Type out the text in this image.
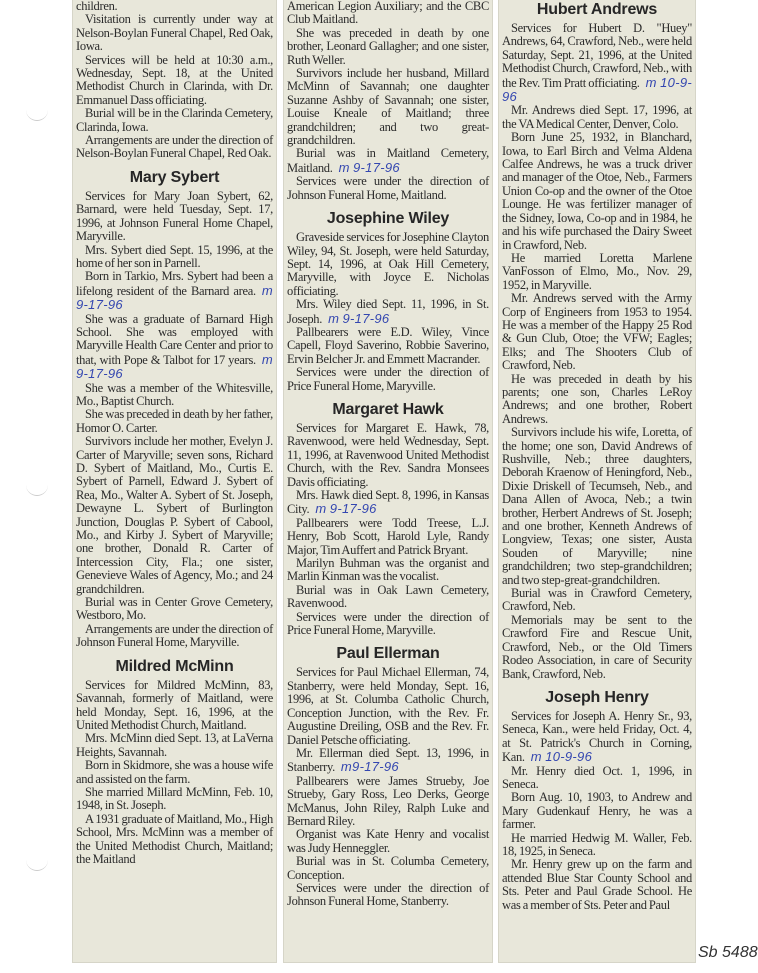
children.

Visitation is currently under way at Nelson-Boylan Funeral Chapel, Red Oak, Iowa.

Services will be held at 10:30 a.m., Wednesday, Sept. 18, at the United Methodist Church in Clarinda, with Dr. Emmanuel Dass officiating.

Burial will be in the Clarinda Cemetery, Clarinda, Iowa.

Arrangements are under the direction of Nelson-Boylan Funeral Chapel, Red Oak.

Mary Sybert

Services for Mary Joan Sybert, 62, Barnard, were held Tuesday, Sept. 17, 1996, at Johnson Funeral Home Chapel, Maryville.

Mrs. Sybert died Sept. 15, 1996, at the home of her son in Parnell.

Born in Tarkio, Mrs. Sybert had been a lifelong resident of the Barnard area. m 9-17-96

She was a graduate of Barnard High School. She was employed with Maryville Health Care Center and prior to that, with Pope & Talbot for 17 years. m 9-17-96

She was a member of the Whitesville, Mo., Baptist Church.

She was preceded in death by her father, Homor O. Carter.

Survivors include her mother, Evelyn J. Carter of Maryville; seven sons, Richard D. Sybert of Maitland, Mo., Curtis E. Sybert of Parnell, Edward J. Sybert of Rea, Mo., Walter A. Sybert of St. Joseph, Dewayne L. Sybert of Burlington Junction, Douglas P. Sybert of Cabool, Mo., and Kirby J. Sybert of Maryville; one brother, Donald R. Carter of Intercession City, Fla.; one sister, Genevieve Wales of Agency, Mo.; and 24 grandchildren.

Burial was in Center Grove Cemetery, Westboro, Mo.

Arrangements are under the direction of Johnson Funeral Home, Maryville.

Mildred McMinn

Services for Mildred McMinn, 83, Savannah, formerly of Maitland, were held Monday, Sept. 16, 1996, at the United Methodist Church, Maitland.

Mrs. McMinn died Sept. 13, at LaVerna Heights, Savannah.

Born in Skidmore, she was a house wife and assisted on the farm.

She married Millard McMinn, Feb. 10, 1948, in St. Joseph.

A 1931 graduate of Maitland, Mo., High School, Mrs. McMinn was a member of the United Methodist Church, Maitland; the Maitland

American Legion Auxiliary; and the CBC Club Maitland.

She was preceded in death by one brother, Leonard Gallagher; and one sister, Ruth Weller.

Survivors include her husband, Millard McMinn of Savannah; one daughter Suzanne Ashby of Savannah; one sister, Louise Kneale of Maitland; three grandchildren; and two great-grandchildren.

Burial was in Maitland Cemetery, Maitland. m 9-17-96

Services were under the direction of Johnson Funeral Home, Maitland.

Josephine Wiley

Graveside services for Josephine Clayton Wiley, 94, St. Joseph, were held Saturday, Sept. 14, 1996, at Oak Hill Cemetery, Maryville, with Joyce E. Nicholas officiating.

Mrs. Wiley died Sept. 11, 1996, in St. Joseph. m 9-17-96

Pallbearers were E.D. Wiley, Vince Capell, Floyd Saverino, Robbie Saverino, Ervin Belcher Jr. and Emmett Macrander.

Services were under the direction of Price Funeral Home, Maryville.

Margaret Hawk

Services for Margaret E. Hawk, 78, Ravenwood, were held Wednesday, Sept. 11, 1996, at Ravenwood United Methodist Church, with the Rev. Sandra Monsees Davis officiating.

Mrs. Hawk died Sept. 8, 1996, in Kansas City. m 9-17-96

Pallbearers were Todd Treese, L.J. Henry, Bob Scott, Harold Lyle, Randy Major, Tim Auffert and Patrick Bryant.

Marilyn Buhman was the organist and Marlin Kinman was the vocalist.

Burial was in Oak Lawn Cemetery, Ravenwood.

Services were under the direction of Price Funeral Home, Maryville.

Paul Ellerman

Services for Paul Michael Ellerman, 74, Stanberry, were held Monday, Sept. 16, 1996, at St. Columba Catholic Church, Conception Junction, with the Rev. Fr. Augustine Dreiling, OSB and the Rev. Fr. Daniel Petsche officiating.

Mr. Ellerman died Sept. 13, 1996, in Stanberry. m9-17-96

Pallbearers were James Strueby, Joe Strueby, Gary Ross, Leo Derks, George McManus, John Riley, Ralph Luke and Bernard Riley.

Organist was Kate Henry and vocalist was Judy Henneggler.

Burial was in St. Columba Cemetery, Conception.

Services were under the direction of Johnson Funeral Home, Stanberry.

Hubert Andrews

Services for Hubert D. "Huey" Andrews, 64, Crawford, Neb., were held Saturday, Sept. 21, 1996, at the United Methodist Church, Crawford, Neb., with the Rev. Tim Pratt officiating. m 10-9-96

Mr. Andrews died Sept. 17, 1996, at the VA Medical Center, Denver, Colo.

Born June 25, 1932, in Blanchard, Iowa, to Earl Birch and Velma Aldena Calfee Andrews, he was a truck driver and manager of the Otoe, Neb., Farmers Union Co-op and the owner of the Otoe Lounge. He was fertilizer manager of the Sidney, Iowa, Co-op and in 1984, he and his wife purchased the Dairy Sweet in Crawford, Neb.

He married Loretta Marlene VanFosson of Elmo, Mo., Nov. 29, 1952, in Maryville.

Mr. Andrews served with the Army Corp of Engineers from 1953 to 1954. He was a member of the Happy 25 Rod & Gun Club, Otoe; the VFW; Eagles; Elks; and The Shooters Club of Crawford, Neb.

He was preceded in death by his parents; one son, Charles LeRoy Andrews; and one brother, Robert Andrews.

Survivors include his wife, Loretta, of the home; one son, David Andrews of Rushville, Neb.; three daughters, Deborah Kraenow of Heningford, Neb., Dixie Driskell of Tecumseh, Neb., and Dana Allen of Avoca, Neb.; a twin brother, Herbert Andrews of St. Joseph; and one brother, Kenneth Andrews of Longview, Texas; one sister, Austa Souden of Maryville; nine grandchildren; two step-grandchildren; and two step-great-grandchildren.

Burial was in Crawford Cemetery, Crawford, Neb.

Memorials may be sent to the Crawford Fire and Rescue Unit, Crawford, Neb., or the Old Timers Rodeo Association, in care of Security Bank, Crawford, Neb.

Joseph Henry

Services for Joseph A. Henry Sr., 93, Seneca, Kan., were held Friday, Oct. 4, at St. Patrick's Church in Corning, Kan. m 10-9-96

Mr. Henry died Oct. 1, 1996, in Seneca.

Born Aug. 10, 1903, to Andrew and Mary Gudenkauf Henry, he was a farmer.

He married Hedwig M. Waller, Feb. 18, 1925, in Seneca.

Mr. Henry grew up on the farm and attended Blue Star County School and Sts. Peter and Paul Grade School. He was a member of Sts. Peter and Paul

Sb 5488
